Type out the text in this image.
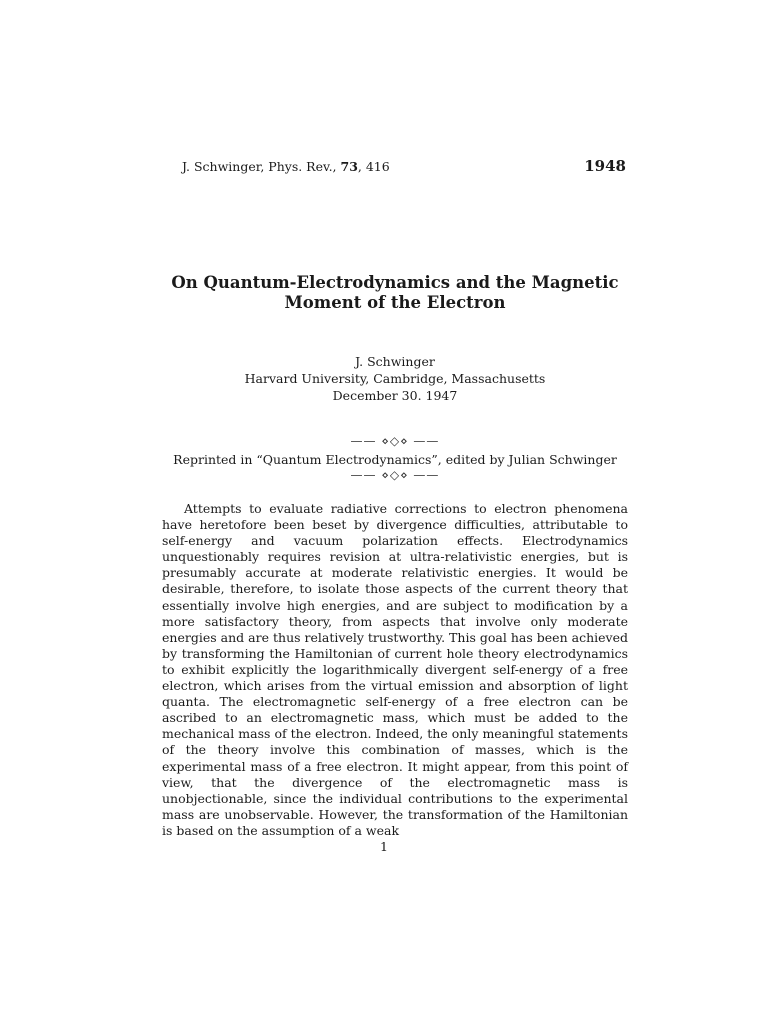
J. Schwinger, Phys. Rev., 73, 416	1948
On Quantum-Electrodynamics and the Magnetic
Moment of the Electron
J. Schwinger
Harvard University, Cambridge, Massachusetts
December 30. 1947
—— ⋄◇⋄ ——
Reprinted in “Quantum Electrodynamics”, edited by Julian Schwinger
—— ⋄◇⋄ ——

Attempts to evaluate radiative corrections to electron phenomena have heretofore been beset by divergence difficulties, attributable to self-energy and vacuum polarization effects. Electrodynamics unquestionably requires revision at ultra-relativistic energies, but is presumably accurate at moderate relativistic energies. It would be desirable, therefore, to isolate those aspects of the current theory that essentially involve high energies, and are subject to modification by a more satisfactory theory, from aspects that involve only moderate energies and are thus relatively trustworthy. This goal has been achieved by transforming the Hamiltonian of current hole theory electrodynamics to exhibit explicitly the logarithmically divergent self-energy of a free electron, which arises from the virtual emission and absorption of light quanta. The electromagnetic self-energy of a free electron can be ascribed to an electromagnetic mass, which must be added to the mechanical mass of the electron. Indeed, the only meaningful statements of the theory involve this combination of masses, which is the experimental mass of a free electron. It might appear, from this point of view, that the divergence of the electromagnetic mass is unobjectionable, since the individual contributions to the experimental mass are unobservable. However, the transformation of the Hamiltonian is based on the assumption of a weak

1
